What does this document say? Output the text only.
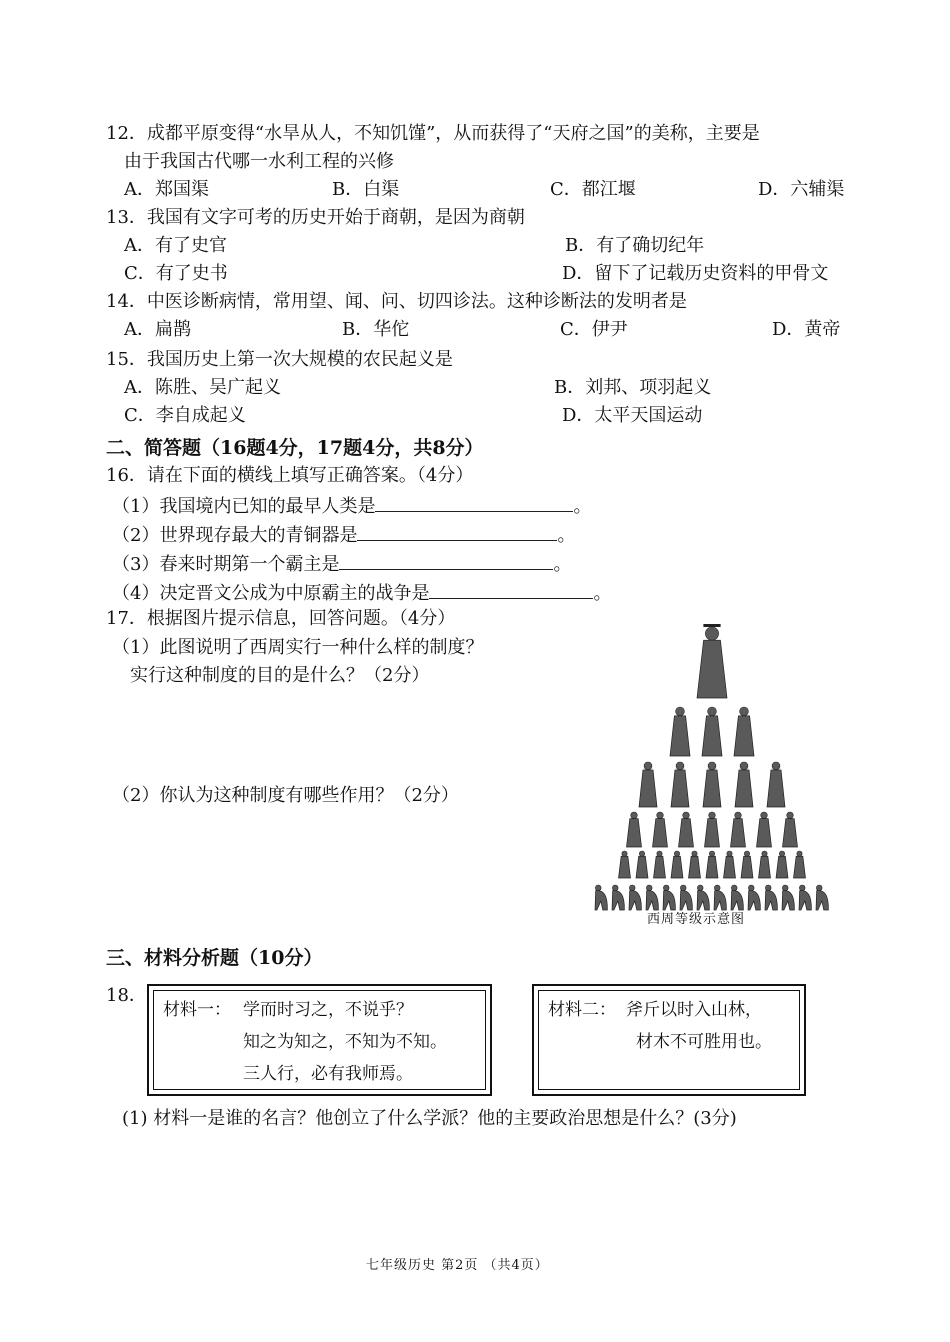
12．成都平原变得“水旱从人，不知饥馑”，从而获得了“天府之国”的美称，主要是
由于我国古代哪一水利工程的兴修
A．郑国渠	B．白渠	C．都江堰	D．六辅渠
13．我国有文字可考的历史开始于商朝，是因为商朝
A．有了史官	B．有了确切纪年
C．有了史书	D．留下了记载历史资料的甲骨文
14．中医诊断病情，常用望、闻、问、切四诊法。这种诊断法的发明者是
A．扁鹊	B．华佗	C．伊尹	D．黄帝
15．我国历史上第一次大规模的农民起义是
A．陈胜、吴广起义	B．刘邦、项羽起义
C．李自成起义	D．太平天国运动
二、简答题（16题4分，17题4分，共8分）
16．请在下面的横线上填写正确答案。（4分）
（1）我国境内已知的最早人类是	。
（2）世界现存最大的青铜器是	。
（3）春来时期第一个霸主是	。
（4）决定晋文公成为中原霸主的战争是	。
17．根据图片提示信息，回答问题。（4分）
（1）此图说明了西周实行一种什么样的制度？
实行这种制度的目的是什么？（2分）
（2）你认为这种制度有哪些作用？（2分）
西周等级示意图
三、材料分析题（10分）
18．
材料一： 学而时习之，不说乎？
知之为知之，不知为不知。
三人行，必有我师焉。
材料二： 斧斤以时入山林，
材木不可胜用也。
(1) 材料一是谁的名言？他创立了什么学派？他的主要政治思想是什么？(3分)
七年级历史 第2页 （共4页）
